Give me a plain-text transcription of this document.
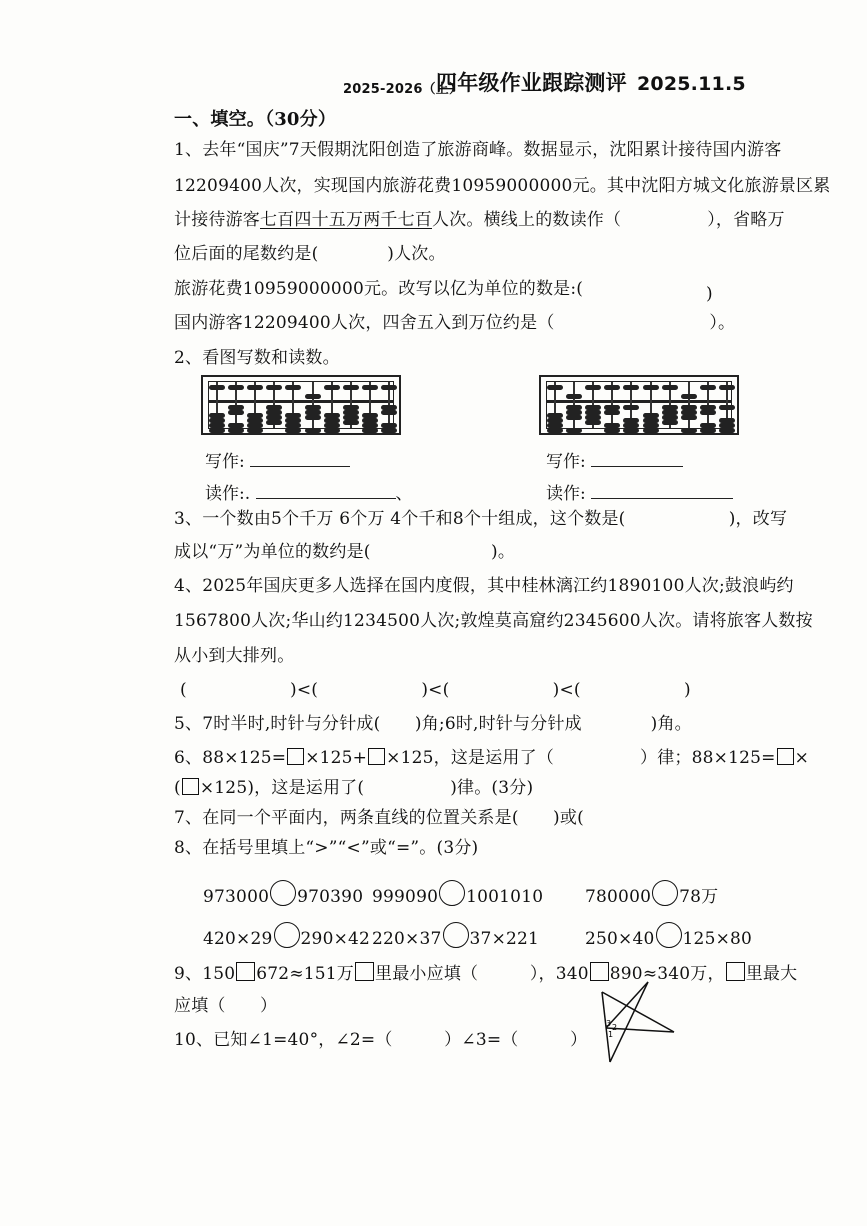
2025-2026（上）
四年级作业跟踪测评 2025.11.5
一、填空。（30分）
1、去年“国庆”7天假期沈阳创造了旅游商峰。数据显示，沈阳累计接待国内游客
12209400人次，实现国内旅游花费10959000000元。其中沈阳方城文化旅游景区累
计接待游客七百四十五万两千七百人次。横线上的数读作（　　　　　），省略万
位后面的尾数约是(　　　　)人次。
旅游花费10959000000元。改写以亿为单位的数是:(	)
国内游客12209400人次，四舍五入到万位约是（　　　　　　　　　）。
2、看图写数和读数。
写作:
读作:.	、
写作:
读作:
3、一个数由5个千万 6个万 4个千和8个十组成，这个数是(　　　　　　)，改写
成以“万”为单位的数约是(　　　　　　　)。
4、2025年国庆更多人选择在国内度假，其中桂林漓江约1890100人次;鼓浪屿约
1567800人次;华山约1234500人次;敦煌莫高窟约2345600人次。请将旅客人数按
从小到大排列。
(　　　　　　)<(　　　　　　)<(　　　　　　)<(　　　　　　)
5、7时半时,时针与分针成(　　)角;6时,时针与分针成　　　　)角。
6、88×125= ×125+ ×125，这是运用了（　　　　　）律；88×125= ×
( ×125)，这是运用了(　　　　　)律。(3分)
7、在同一个平面内，两条直线的位置关系是(　　)或(　
8、在括号里填上“>”“<”或“=”。(3分)
973000 970390 999090 1001010 780000 78万
420×29 290×42 220×37 37×221	250×40 125×80
9、150 672≈151万 里最小应填（　　　），340 890≈340万， 里最大
应填（　　）
10、已知∠1=40°，∠2=（　　　）∠3=（　　　）
3 2
1
